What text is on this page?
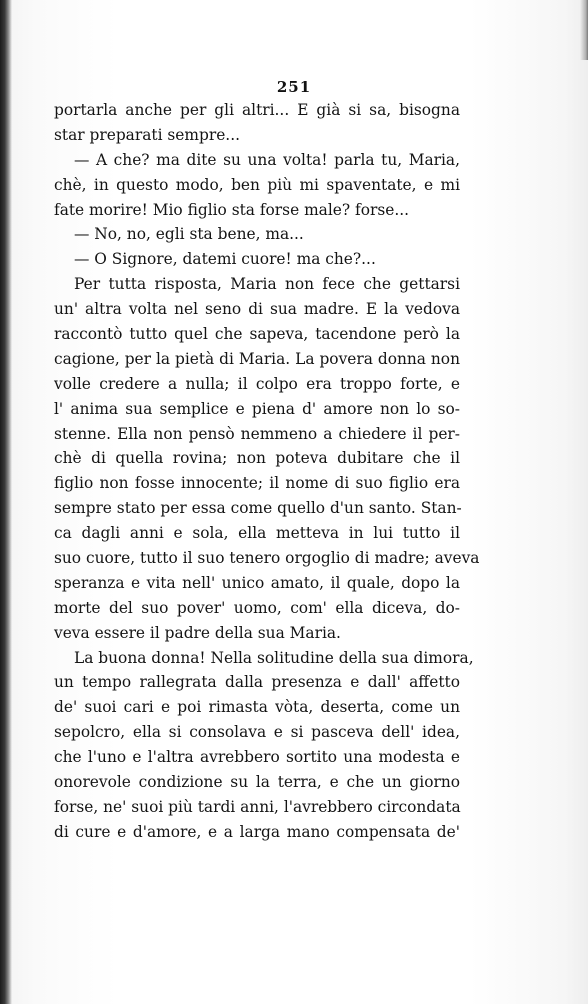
251
portarla anche per gli altri... E già si sa, bisogna
star preparati sempre...
— A che? ma dite su una volta! parla tu, Maria,
chè, in questo modo, ben più mi spaventate, e mi
fate morire! Mio figlio sta forse male? forse...
— No, no, egli sta bene, ma...
— O Signore, datemi cuore! ma che?...
Per tutta risposta, Maria non fece che gettarsi
un' altra volta nel seno di sua madre. E la vedova
raccontò tutto quel che sapeva, tacendone però la
cagione, per la pietà di Maria. La povera donna non
volle credere a nulla; il colpo era troppo forte, e
l' anima sua semplice e piena d' amore non lo so-
stenne. Ella non pensò nemmeno a chiedere il per-
chè di quella rovina; non poteva dubitare che il
figlio non fosse innocente; il nome di suo figlio era
sempre stato per essa come quello d'un santo. Stan-
ca dagli anni e sola, ella metteva in lui tutto il
suo cuore, tutto il suo tenero orgoglio di madre; aveva
speranza e vita nell' unico amato, il quale, dopo la
morte del suo pover' uomo, com' ella diceva, do-
veva essere il padre della sua Maria.
La buona donna! Nella solitudine della sua dimora,
un tempo rallegrata dalla presenza e dall' affetto
de' suoi cari e poi rimasta vòta, deserta, come un
sepolcro, ella si consolava e si pasceva dell' idea,
che l'uno e l'altra avrebbero sortito una modesta e
onorevole condizione su la terra, e che un giorno
forse, ne' suoi più tardi anni, l'avrebbero circondata
di cure e d'amore, e a larga mano compensata de'
